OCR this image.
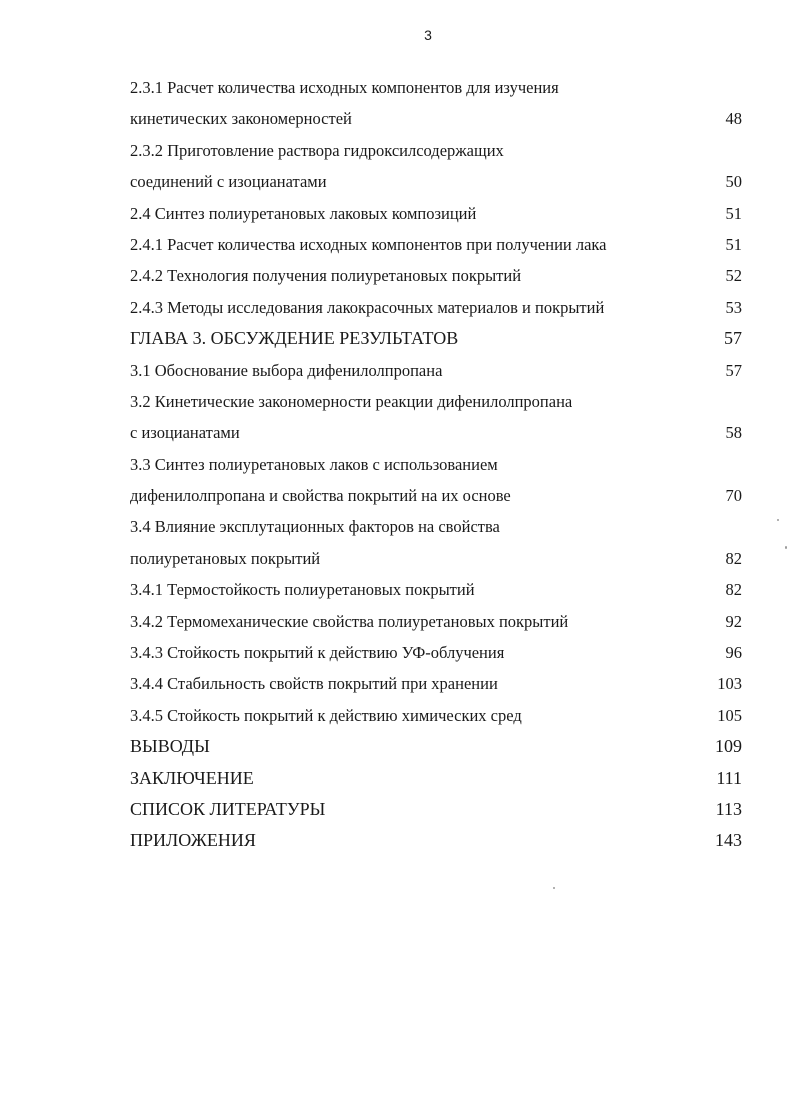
3
2.3.1 Расчет количества исходных компонентов для изучения
кинетических закономерностей	48
2.3.2 Приготовление раствора гидроксилсодержащих
соединений с изоцианатами	50
2.4 Синтез полиуретановых лаковых композиций	51
2.4.1 Расчет количества исходных компонентов при получении лака	51
2.4.2 Технология получения полиуретановых покрытий	52
2.4.3 Методы исследования лакокрасочных материалов и покрытий	53
ГЛАВА 3. ОБСУЖДЕНИЕ РЕЗУЛЬТАТОВ	57
3.1 Обоснование выбора дифенилолпропана	57
3.2 Кинетические закономерности реакции дифенилолпропана
с изоцианатами	58
3.3 Синтез полиуретановых лаков с использованием
дифенилолпропана и свойства покрытий на их основе	70
3.4 Влияние эксплутационных факторов на свойства
полиуретановых покрытий	82
3.4.1 Термостойкость полиуретановых покрытий	82
3.4.2 Термомеханические свойства полиуретановых покрытий	92
3.4.3 Стойкость покрытий к действию УФ-облучения	96
3.4.4 Стабильность свойств покрытий при хранении	103
3.4.5 Стойкость покрытий к действию химических сред	105
ВЫВОДЫ	109
ЗАКЛЮЧЕНИЕ	111
СПИСОК ЛИТЕРАТУРЫ	113
ПРИЛОЖЕНИЯ	143
